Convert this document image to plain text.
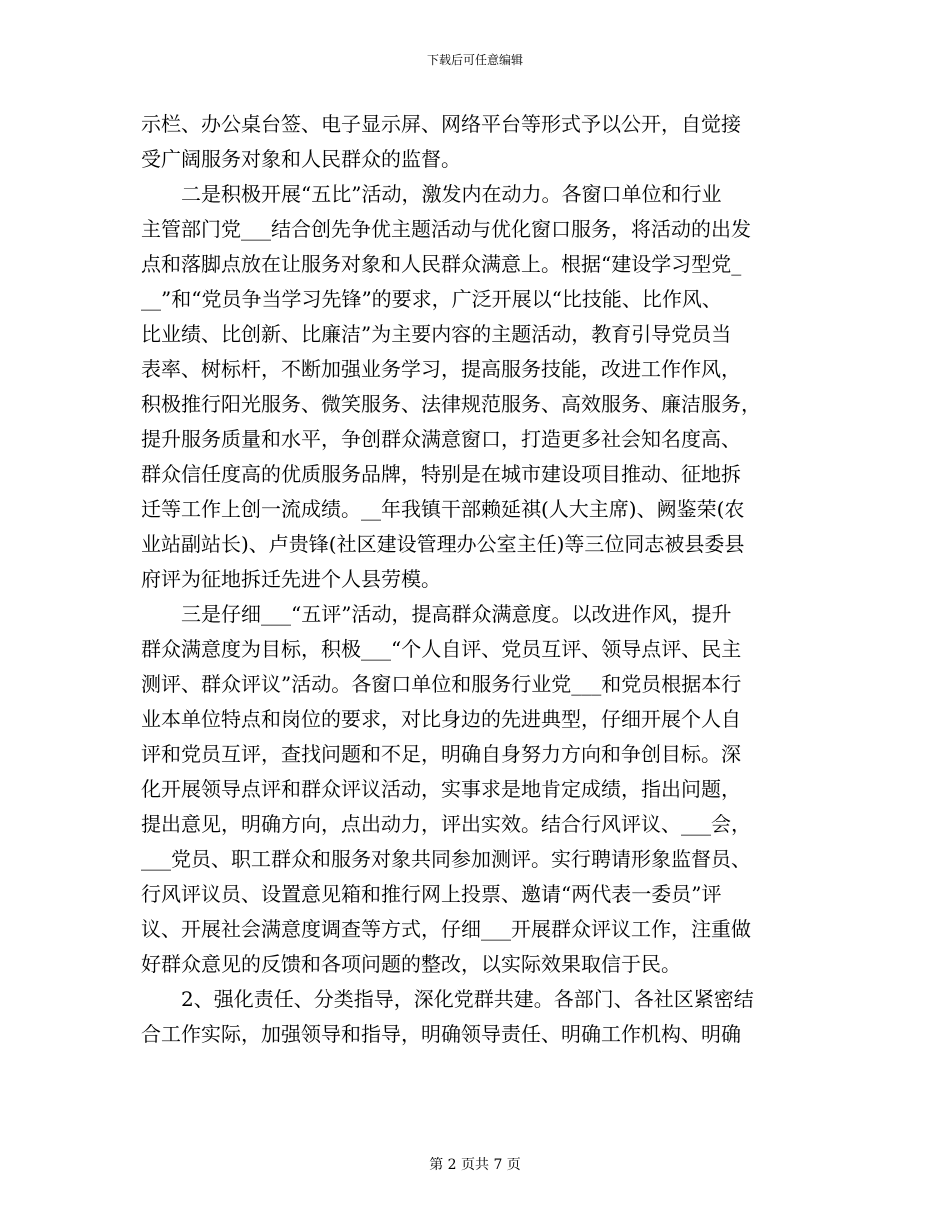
下载后可任意编辑
示栏、办公桌台签、电子显示屏、网络平台等形式予以公开，自觉接
受广阔服务对象和人民群众的监督。
　　二是积极开展“五比”活动，激发内在动力。各窗口单位和行业
主管部门党___结合创先争优主题活动与优化窗口服务，将活动的出发
点和落脚点放在让服务对象和人民群众满意上。根据“建设学习型党_
__”和“党员争当学习先锋”的要求，广泛开展以“比技能、比作风、
比业绩、比创新、比廉洁”为主要内容的主题活动，教育引导党员当
表率、树标杆，不断加强业务学习，提高服务技能，改进工作作风，
积极推行阳光服务、微笑服务、法律规范服务、高效服务、廉洁服务，
提升服务质量和水平，争创群众满意窗口，打造更多社会知名度高、
群众信任度高的优质服务品牌，特别是在城市建设项目推动、征地拆
迁等工作上创一流成绩。__年我镇干部赖延祺(人大主席)、阙鉴荣(农
业站副站长)、卢贵锋(社区建设管理办公室主任)等三位同志被县委县
府评为征地拆迁先进个人县劳模。
　　三是仔细___“五评”活动，提高群众满意度。以改进作风，提升
群众满意度为目标，积极___“个人自评、党员互评、领导点评、民主
测评、群众评议”活动。各窗口单位和服务行业党___和党员根据本行
业本单位特点和岗位的要求，对比身边的先进典型，仔细开展个人自
评和党员互评，查找问题和不足，明确自身努力方向和争创目标。深
化开展领导点评和群众评议活动，实事求是地肯定成绩，指出问题，
提出意见，明确方向，点出动力，评出实效。结合行风评议、___会，
___党员、职工群众和服务对象共同参加测评。实行聘请形象监督员、
行风评议员、设置意见箱和推行网上投票、邀请“两代表一委员”评
议、开展社会满意度调查等方式，仔细___开展群众评议工作，注重做
好群众意见的反馈和各项问题的整改，以实际效果取信于民。
　　2、强化责任、分类指导，深化党群共建。各部门、各社区紧密结
合工作实际，加强领导和指导，明确领导责任、明确工作机构、明确
第 2 页共 7 页
